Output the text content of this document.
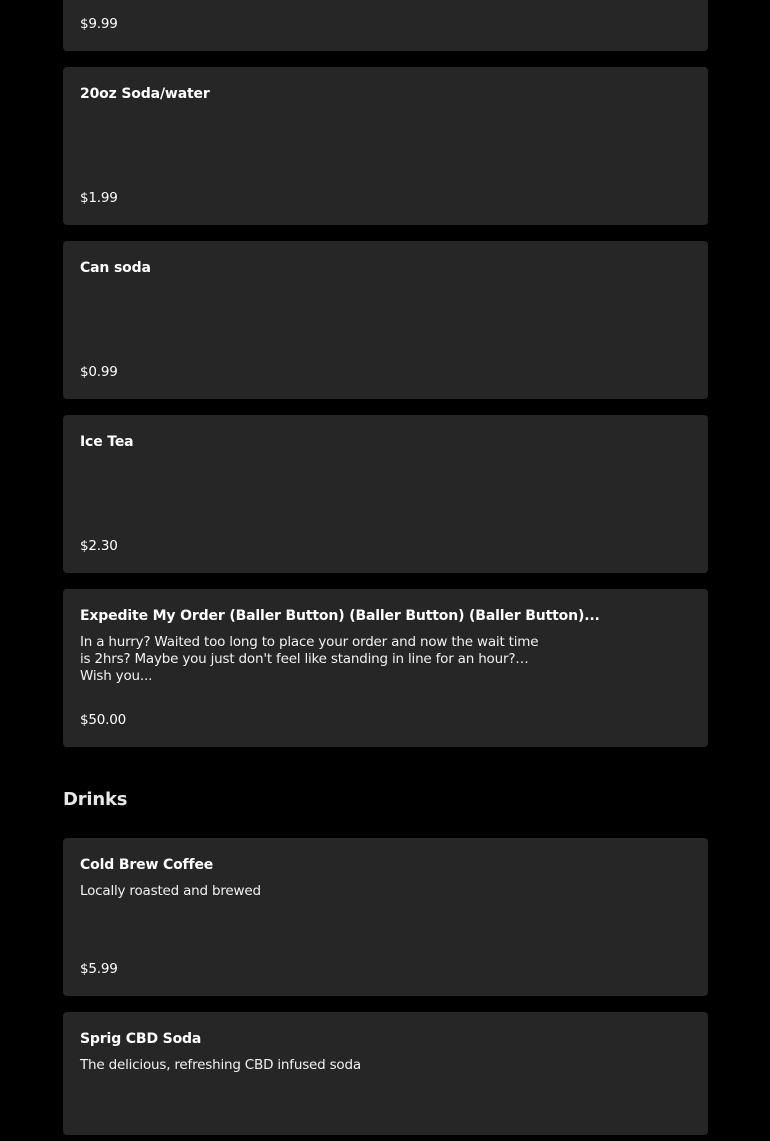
$9.99
20oz Soda/water
$1.99
Can soda
$0.99
Ice Tea
$2.30
Expedite My Order (Baller Button) (Baller Button) (Baller Button)...
In a hurry? Waited too long to place your order and now the wait time is 2hrs? Maybe you just don't feel like standing in line for an hour? Wish you...
$50.00
Drinks
Cold Brew Coffee
Locally roasted and brewed
$5.99
Sprig CBD Soda
The delicious, refreshing CBD infused soda
